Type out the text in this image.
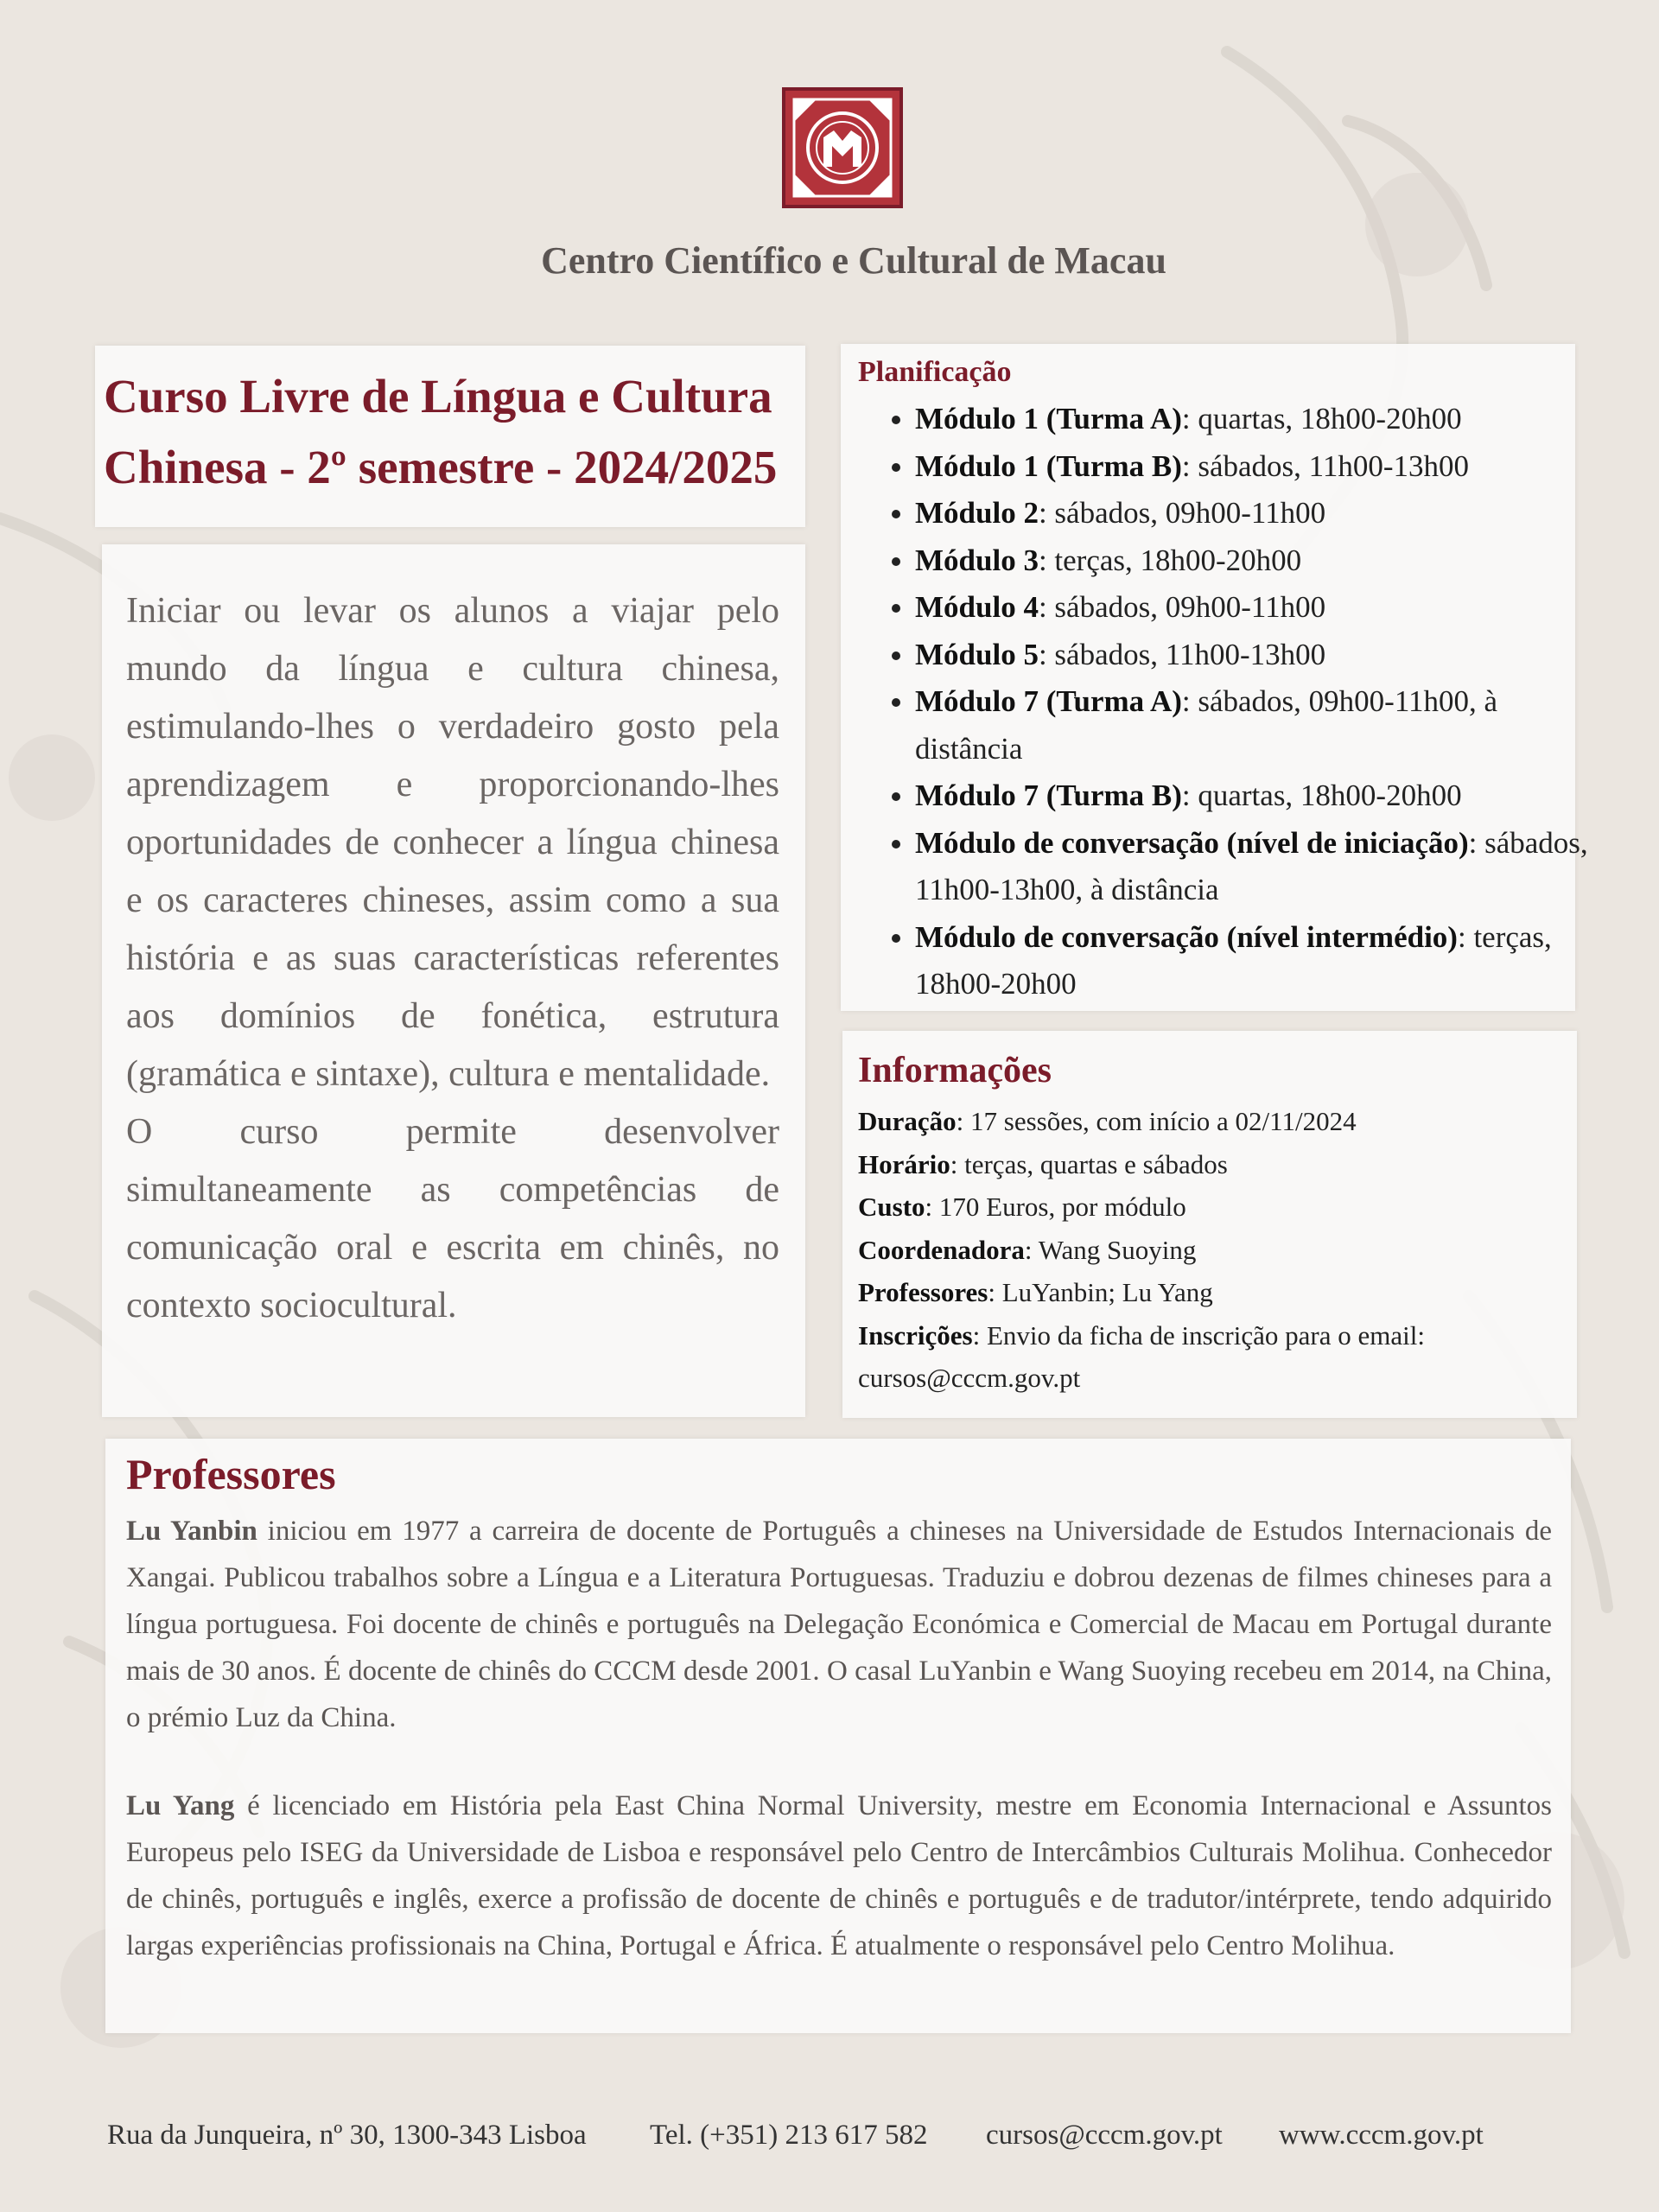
Centro Científico e Cultural de Macau
Curso Livre de Língua e Cultura
Chinesa - 2º semestre - 2024/2025

Iniciar ou levar os alunos a viajar pelo mundo da língua e cultura chinesa, estimulando-lhes o verdadeiro gosto pela aprendizagem e proporcionando-lhes oportunidades de conhecer a língua chinesa e os caracteres chineses, assim como a sua história e as suas características referentes aos domínios de fonética, estrutura (gramática e sintaxe), cultura e mentalidade.

O curso permite desenvolver simultaneamente as competências de comunicação oral e escrita em chinês, no contexto sociocultural.

Planificação
• Módulo 1 (Turma A): quartas, 18h00-20h00
• Módulo 1 (Turma B): sábados, 11h00-13h00
• Módulo 2: sábados, 09h00-11h00
• Módulo 3: terças, 18h00-20h00
• Módulo 4: sábados, 09h00-11h00
• Módulo 5: sábados, 11h00-13h00
• Módulo 7 (Turma A): sábados, 09h00-11h00, à distância
• Módulo 7 (Turma B): quartas, 18h00-20h00
• Módulo de conversação (nível de iniciação): sábados, 11h00-13h00, à distância
• Módulo de conversação (nível intermédio): terças, 18h00-20h00
Informações
Duração: 17 sessões, com início a 02/11/2024
Horário: terças, quartas e sábados
Custo: 170 Euros, por módulo
Coordenadora: Wang Suoying
Professores: LuYanbin; Lu Yang
Inscrições: Envio da ficha de inscrição para o email: cursos@cccm.gov.pt
Professores

Lu Yanbin iniciou em 1977 a carreira de docente de Português a chineses na Universidade de Estudos Internacionais de Xangai. Publicou trabalhos sobre a Língua e a Literatura Portuguesas. Traduziu e dobrou dezenas de filmes chineses para a língua portuguesa. Foi docente de chinês e português na Delegação Económica e Comercial de Macau em Portugal durante mais de 30 anos. É docente de chinês do CCCM desde 2001. O casal LuYanbin e Wang Suoying recebeu em 2014, na China, o prémio Luz da China.

Lu Yang é licenciado em História pela East China Normal University, mestre em Economia Internacional e Assuntos Europeus pelo ISEG da Universidade de Lisboa e responsável pelo Centro de Intercâmbios Culturais Molihua. Conhecedor de chinês, português e inglês, exerce a profissão de docente de chinês e português e de tradutor/intérprete, tendo adquirido largas experiências profissionais na China, Portugal e África. É atualmente o responsável pelo Centro Molihua.

Rua da Junqueira, nº 30, 1300-343 Lisboa Tel. (+351) 213 617 582 cursos@cccm.gov.pt www.cccm.gov.pt
